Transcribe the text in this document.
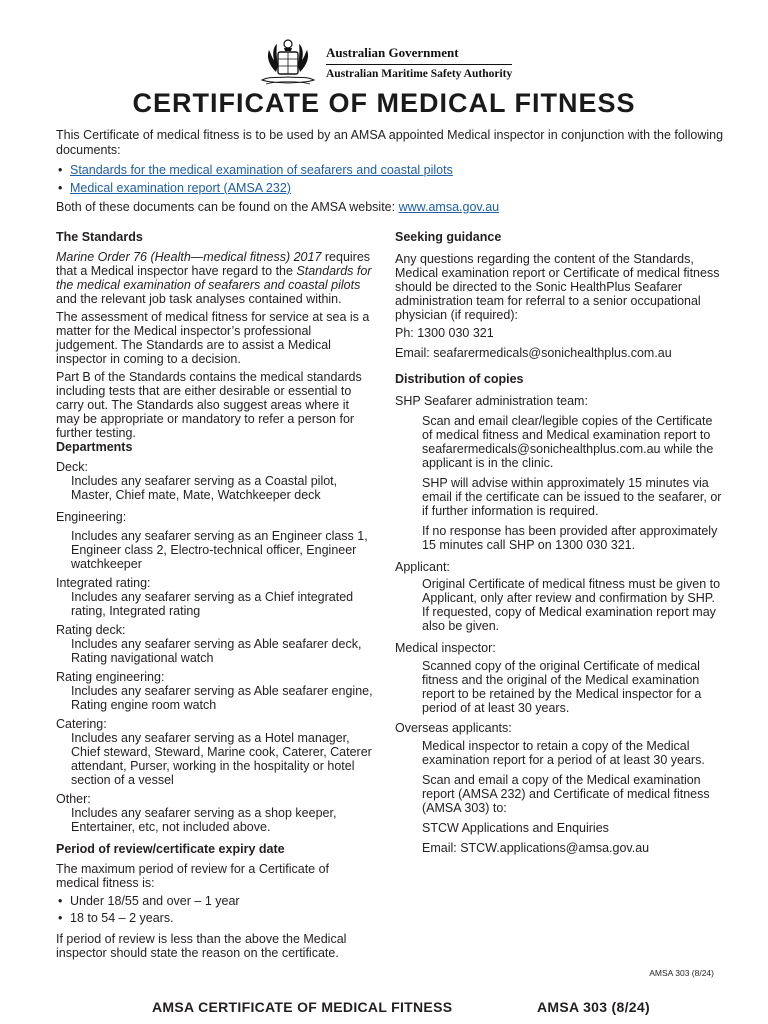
Australian Government
Australian Maritime Safety Authority
CERTIFICATE OF MEDICAL FITNESS

This Certificate of medical fitness is to be used by an AMSA appointed Medical inspector in conjunction with the following documents:

• Standards for the medical examination of seafarers and coastal pilots
• Medical examination report (AMSA 232)

Both of these documents can be found on the AMSA website: www.amsa.gov.au

The Standards

Marine Order 76 (Health—medical fitness) 2017 requires that a Medical inspector have regard to the Standards for the medical examination of seafarers and coastal pilots and the relevant job task analyses contained within.

The assessment of medical fitness for service at sea is a matter for the Medical inspector’s professional judgement. The Standards are to assist a Medical inspector in coming to a decision.

Part B of the Standards contains the medical standards including tests that are either desirable or essential to carry out. The Standards also suggest areas where it may be appropriate or mandatory to refer a person for further testing.

Departments

Deck:

Includes any seafarer serving as a Coastal pilot, Master, Chief mate, Mate, Watchkeeper deck

Engineering:

Includes any seafarer serving as an Engineer class 1, Engineer class 2, Electro-technical officer, Engineer watchkeeper

Integrated rating:

Includes any seafarer serving as a Chief integrated rating, Integrated rating

Rating deck:

Includes any seafarer serving as Able seafarer deck, Rating navigational watch

Rating engineering:

Includes any seafarer serving as Able seafarer engine, Rating engine room watch

Catering:

Includes any seafarer serving as a Hotel manager, Chief steward, Steward, Marine cook, Caterer, Caterer attendant, Purser, working in the hospitality or hotel section of a vessel

Other:

Includes any seafarer serving as a shop keeper, Entertainer, etc, not included above.

Period of review/certificate expiry date

The maximum period of review for a Certificate of medical fitness is:

• Under 18/55 and over – 1 year
• 18 to 54 – 2 years.

If period of review is less than the above the Medical inspector should state the reason on the certificate.

Seeking guidance

Any questions regarding the content of the Standards, Medical examination report or Certificate of medical fitness should be directed to the Sonic HealthPlus Seafarer administration team for referral to a senior occupational physician (if required):

Ph: 1300 030 321

Email: seafarermedicals@sonichealthplus.com.au

Distribution of copies

SHP Seafarer administration team:

Scan and email clear/legible copies of the Certificate of medical fitness and Medical examination report to seafarermedicals@sonichealthplus.com.au while the applicant is in the clinic.

SHP will advise within approximately 15 minutes via email if the certificate can be issued to the seafarer, or if further information is required.

If no response has been provided after approximately 15 minutes call SHP on 1300 030 321.

Applicant:

Original Certificate of medical fitness must be given to Applicant, only after review and confirmation by SHP. If requested, copy of Medical examination report may also be given.

Medical inspector:

Scanned copy of the original Certificate of medical fitness and the original of the Medical examination report to be retained by the Medical inspector for a period of at least 30 years.

Overseas applicants:

Medical inspector to retain a copy of the Medical examination report for a period of at least 30 years.

Scan and email a copy of the Medical examination report (AMSA 232) and Certificate of medical fitness (AMSA 303) to:

STCW Applications and Enquiries

Email: STCW.applications@amsa.gov.au

AMSA 303 (8/24)
AMSA CERTIFICATE OF MEDICAL FITNESS	AMSA 303 (8/24)
